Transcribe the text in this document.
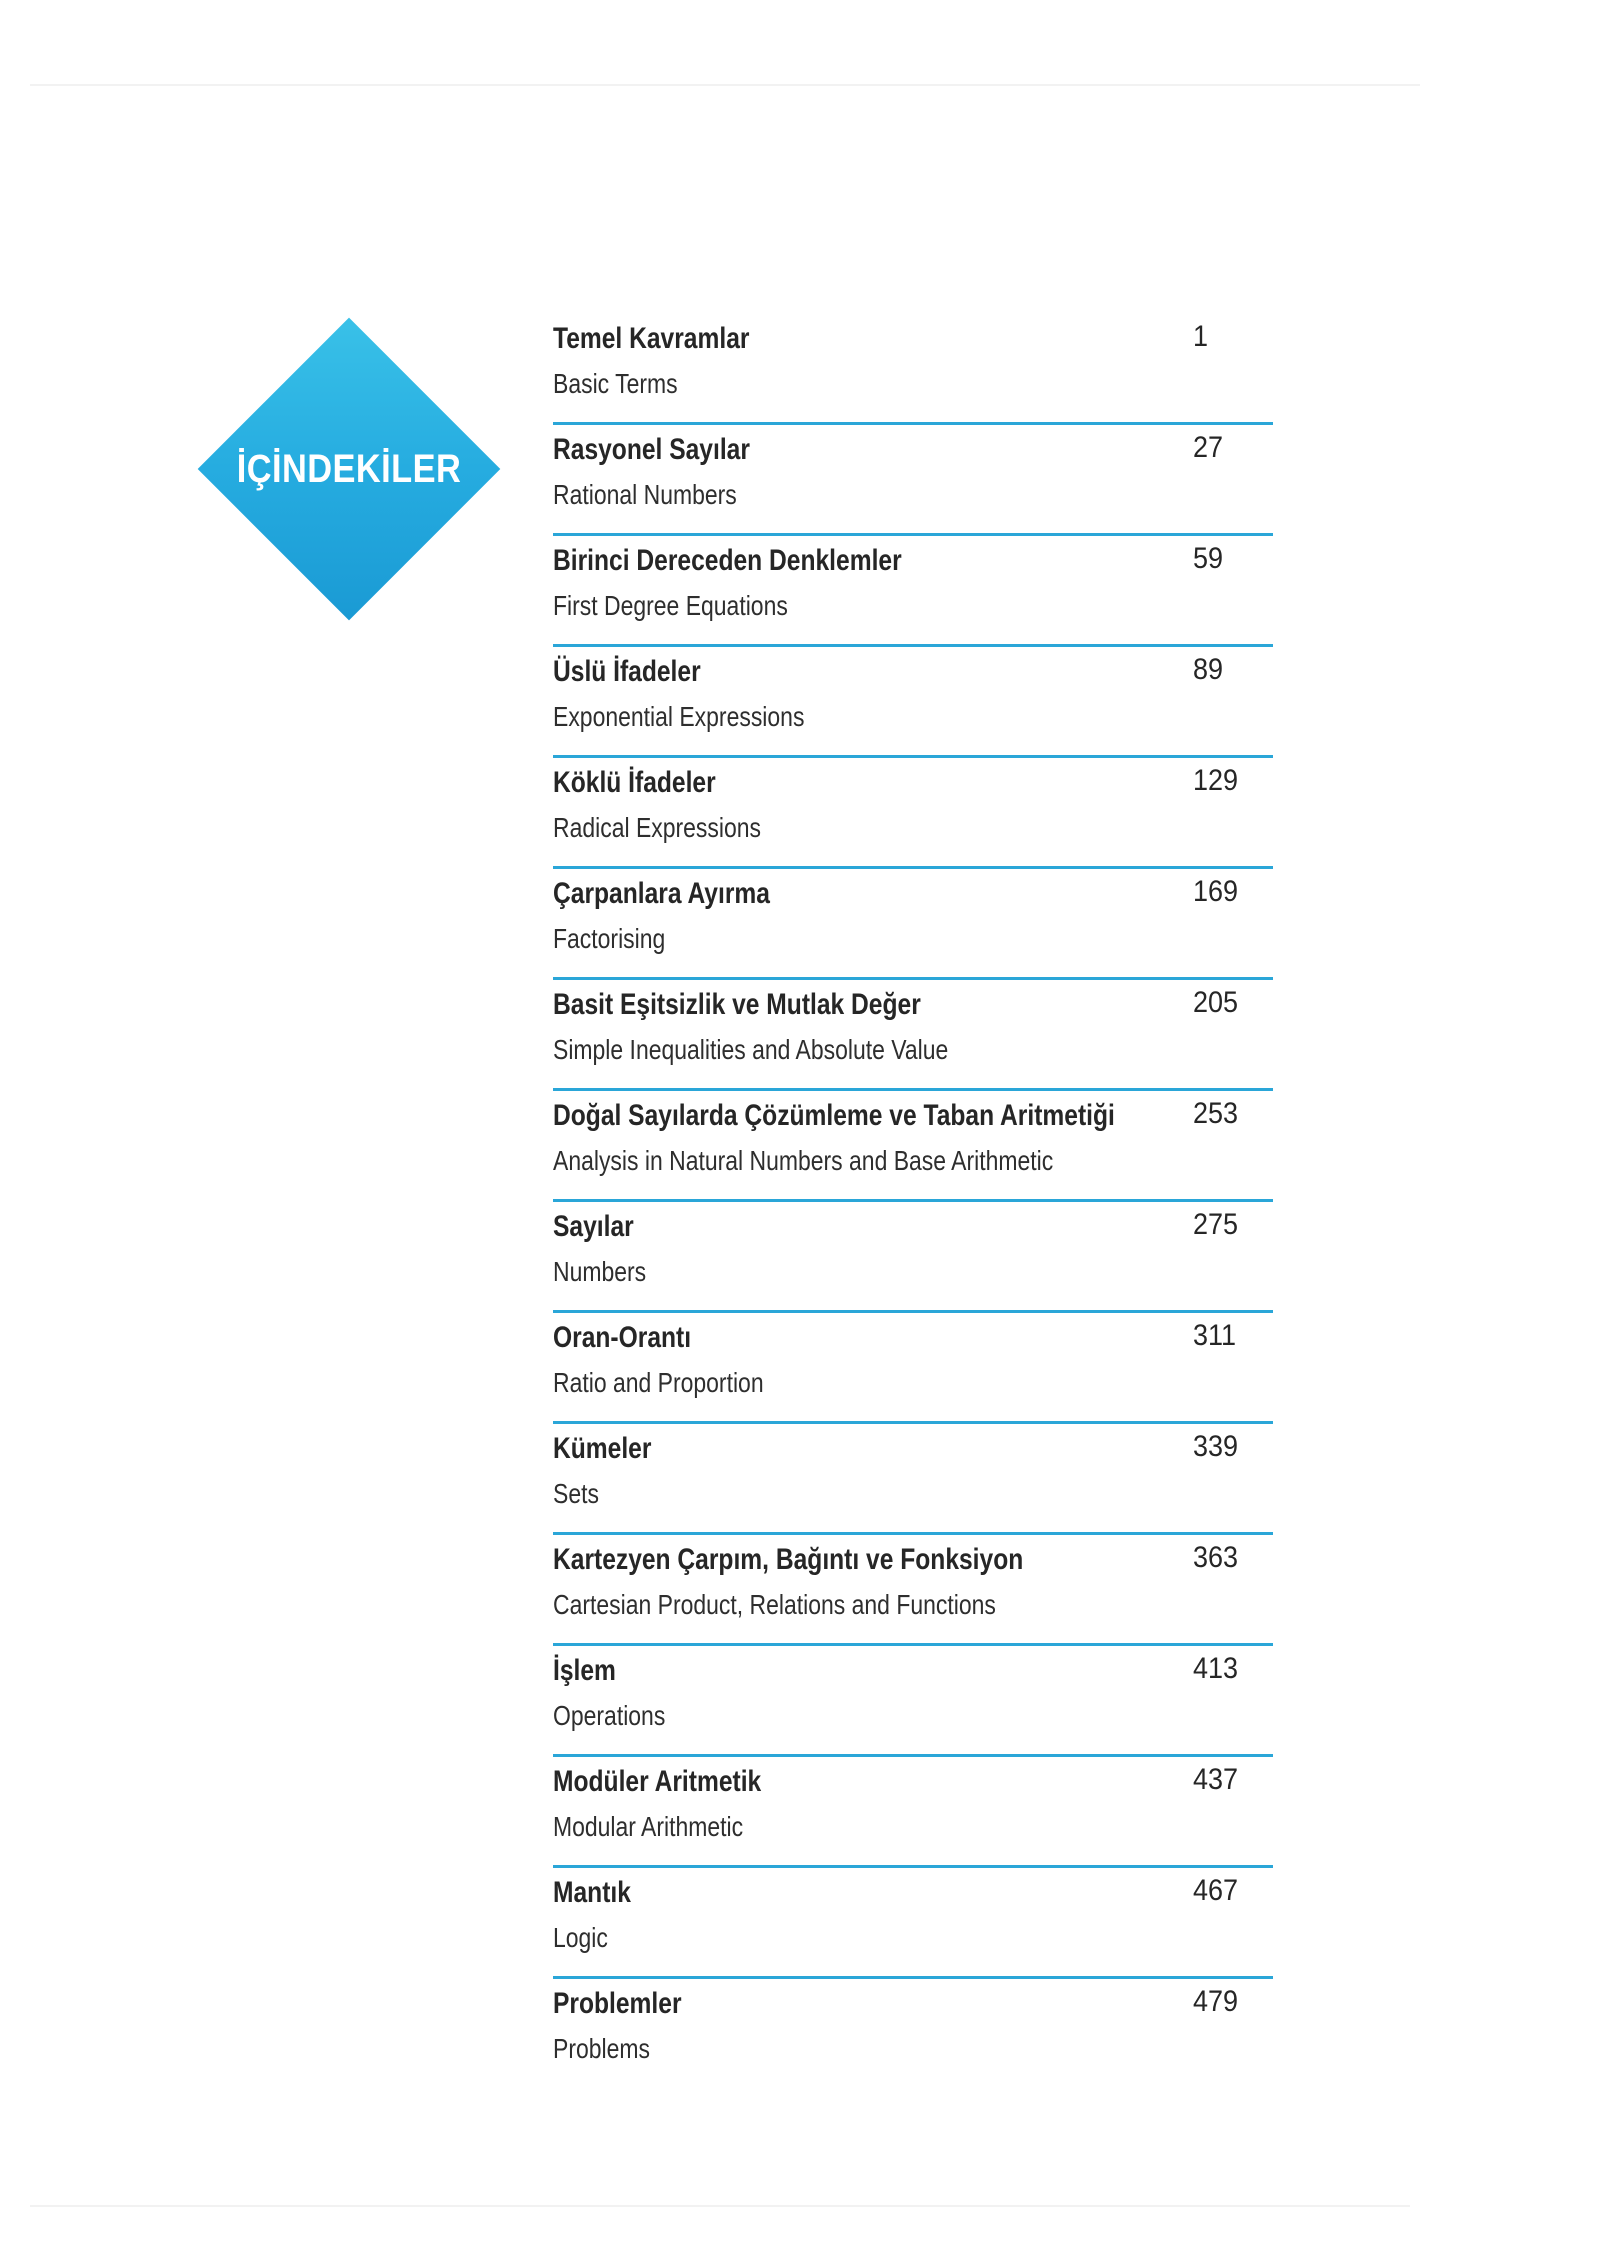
İÇİNDEKİLER
Temel Kavramlar
Basic Terms
1
Rasyonel Sayılar
Rational Numbers
27
Birinci Dereceden Denklemler
First Degree Equations
59
Üslü İfadeler
Exponential Expressions
89
Köklü İfadeler
Radical Expressions
129
Çarpanlara Ayırma
Factorising
169
Basit Eşitsizlik ve Mutlak Değer
Simple Inequalities and Absolute Value
205
Doğal Sayılarda Çözümleme ve Taban Aritmetiği
Analysis in Natural Numbers and Base Arithmetic
253
Sayılar
Numbers
275
Oran-Orantı
Ratio and Proportion
311
Kümeler
Sets
339
Kartezyen Çarpım, Bağıntı ve Fonksiyon
Cartesian Product, Relations and Functions
363
İşlem
Operations
413
Modüler Aritmetik
Modular Arithmetic
437
Mantık
Logic
467
Problemler
Problems
479
